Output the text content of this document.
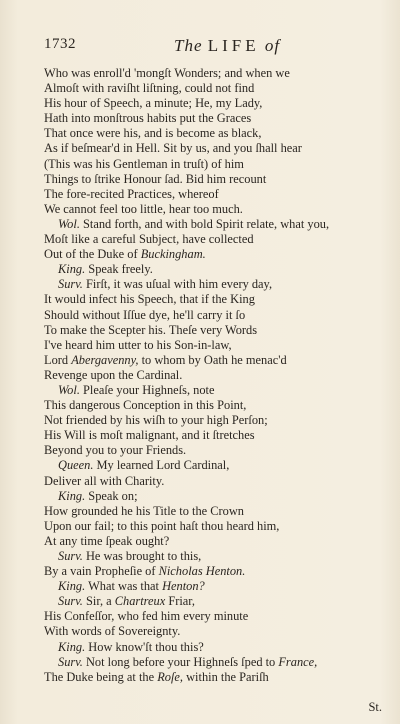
1732	The LIFE of
Who was enroll'd 'mongſt Wonders; and when we
Almoſt with raviſht liſtning, could not find
His hour of Speech, a minute; He, my Lady,
Hath into monſtrous habits put the Graces
That once were his, and is become as black,
As if beſmear'd in Hell. Sit by us, and you ſhall hear
(This was his Gentleman in truſt) of him
Things to ſtrike Honour ſad. Bid him recount
The fore-recited Practices, whereof
We cannot feel too little, hear too much.
Wol. Stand forth, and with bold Spirit relate, what you,
Moſt like a careful Subject, have collected
Out of the Duke of Buckingham.
King. Speak freely.
Surv. Firſt, it was uſual with him every day,
It would infect his Speech, that if the King
Should without Iſſue dye, he'll carry it ſo
To make the Scepter his. Theſe very Words
I've heard him utter to his Son-in-law,
Lord Abergavenny, to whom by Oath he menac'd
Revenge upon the Cardinal.
Wol. Pleaſe your Highneſs, note
This dangerous Conception in this Point,
Not friended by his wiſh to your high Perſon;
His Will is moſt malignant, and it ſtretches
Beyond you to your Friends.
Queen. My learned Lord Cardinal,
Deliver all with Charity.
King. Speak on;
How grounded he his Title to the Crown
Upon our fail; to this point haſt thou heard him,
At any time ſpeak ought?
Surv. He was brought to this,
By a vain Propheſie of Nicholas Henton.
King. What was that Henton?
Surv. Sir, a Chartreux Friar,
His Confeſſor, who fed him every minute
With words of Sovereignty.
King. How know'ſt thou this?
Surv. Not long before your Highneſs ſped to France,
The Duke being at the Roſe, within the Pariſh
St.
